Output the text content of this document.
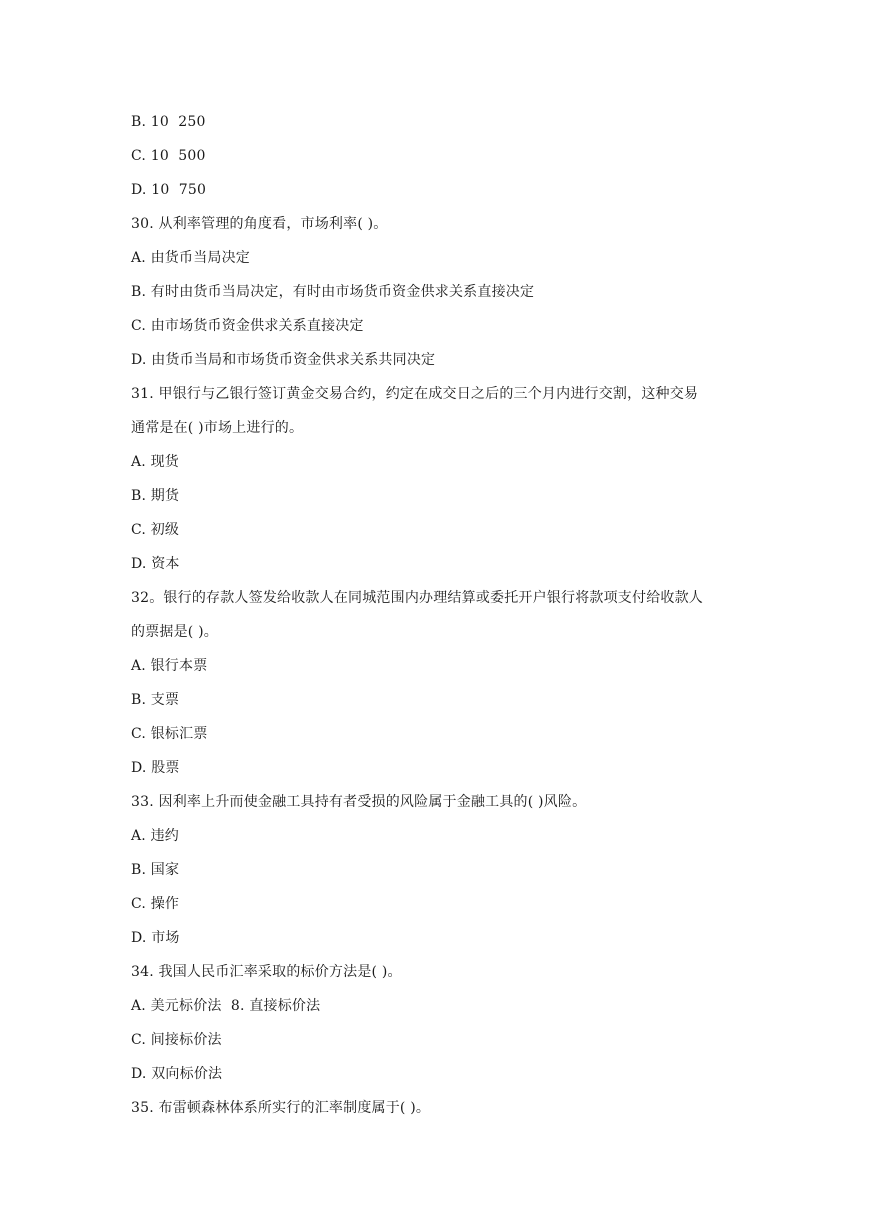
B. 10  250
C. 10  500
D. 10  750
30. 从利率管理的角度看，市场利率( )。
A. 由货币当局决定
B. 有时由货币当局决定，有时由市场货币资金供求关系直接决定
C. 由市场货币资金供求关系直接决定
D. 由货币当局和市场货币资金供求关系共同决定
31. 甲银行与乙银行签订黄金交易合约，约定在成交日之后的三个月内进行交割，这种交易
通常是在( )市场上进行的。
A. 现货
B. 期货
C. 初级
D. 资本
32。银行的存款人签发给收款人在同城范围内办理结算或委托开户银行将款项支付给收款人
的票据是( )。
A. 银行本票
B. 支票
C. 银标汇票
D. 股票
33. 因利率上升而使金融工具持有者受损的风险属于金融工具的( )风险。
A. 违约
B. 国家
C. 操作
D. 市场
34. 我国人民币汇率采取的标价方法是( )。
A. 美元标价法  8. 直接标价法
C. 间接标价法
D. 双向标价法
35. 布雷顿森林体系所实行的汇率制度属于( )。
